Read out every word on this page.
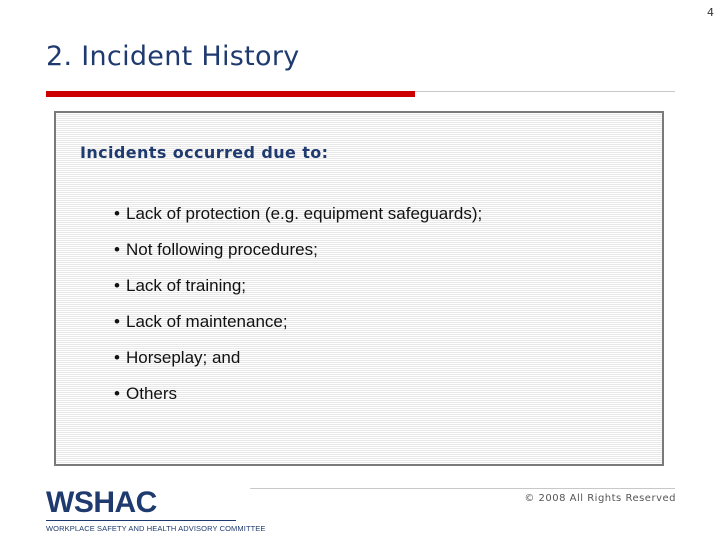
4
2. Incident History
Incidents occurred due to:
• Lack of protection (e.g. equipment safeguards);
• Not following procedures;
• Lack of training;
• Lack of maintenance;
• Horseplay; and
• Others
WSHAC
WORKPLACE SAFETY AND HEALTH ADVISORY COMMITTEE
© 2008 All Rights Reserved
